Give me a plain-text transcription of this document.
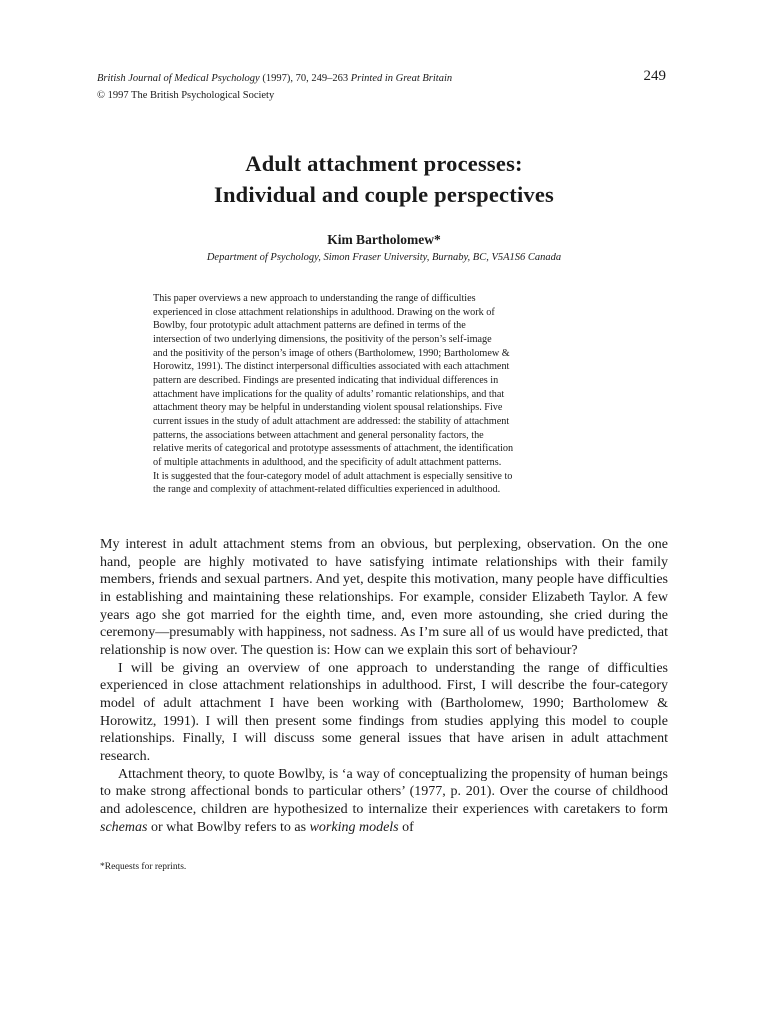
British Journal of Medical Psychology (1997), 70, 249–263 Printed in Great Britain
© 1997 The British Psychological Society
249
Adult attachment processes:
Individual and couple perspectives
Kim Bartholomew*
Department of Psychology, Simon Fraser University, Burnaby, BC, V5A1S6 Canada
This paper overviews a new approach to understanding the range of difficulties
experienced in close attachment relationships in adulthood. Drawing on the work of
Bowlby, four prototypic adult attachment patterns are defined in terms of the
intersection of two underlying dimensions, the positivity of the person’s self-image
and the positivity of the person’s image of others (Bartholomew, 1990; Bartholomew &
Horowitz, 1991). The distinct interpersonal difficulties associated with each attachment
pattern are described. Findings are presented indicating that individual differences in
attachment have implications for the quality of adults’ romantic relationships, and that
attachment theory may be helpful in understanding violent spousal relationships. Five
current issues in the study of adult attachment are addressed: the stability of attachment
patterns, the associations between attachment and general personality factors, the
relative merits of categorical and prototype assessments of attachment, the identification
of multiple attachments in adulthood, and the specificity of adult attachment patterns.
It is suggested that the four-category model of adult attachment is especially sensitive to
the range and complexity of attachment-related difficulties experienced in adulthood.

My interest in adult attachment stems from an obvious, but perplexing, observation. On the one hand, people are highly motivated to have satisfying intimate relationships with their family members, friends and sexual partners. And yet, despite this motivation, many people have difficulties in establishing and maintaining these relationships. For example, consider Elizabeth Taylor. A few years ago she got married for the eighth time, and, even more astounding, she cried during the ceremony—presumably with happiness, not sadness. As I’m sure all of us would have predicted, that relationship is now over. The question is: How can we explain this sort of behaviour?

I will be giving an overview of one approach to understanding the range of difficulties experienced in close attachment relationships in adulthood. First, I will describe the four-category model of adult attachment I have been working with (Bartholomew, 1990; Bartholomew & Horowitz, 1991). I will then present some findings from studies applying this model to couple relationships. Finally, I will discuss some general issues that have arisen in adult attachment research.

Attachment theory, to quote Bowlby, is ‘a way of conceptualizing the propensity of human beings to make strong affectional bonds to particular others’ (1977, p. 201). Over the course of childhood and adolescence, children are hypothesized to internalize their experiences with caretakers to form schemas or what Bowlby refers to as working models of

*Requests for reprints.
